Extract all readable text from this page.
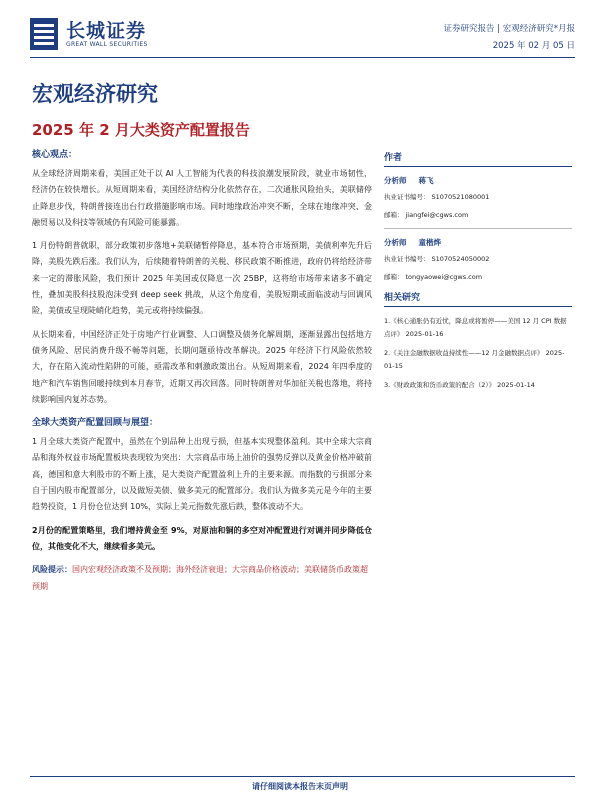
长城证券
GREAT WALL SECURITIES
证券研究报告 | 宏观经济研究*月报
2025 年 02 月 05 日
宏观经济研究
2025 年 2 月大类资产配置报告
核心观点：

从全球经济周期来看，美国正处于以 AI 人工智能为代表的科技浪潮发展阶段，就业市场韧性，经济仍在较快增长。从短周期来看，美国经济结构分化依然存在，二次通胀风险抬头，美联储停止降息步伐，特朗普接连出台行政措施影响市场。同时地缘政治冲突不断，全球在地缘冲突、金融贸易以及科技等领域仍有风险可能暴露。

1 月份特朗普就职，部分政策初步落地+美联储暂停降息，基本符合市场预期，美债利率先升后降，美股先跌后涨。我们认为，后续随着特朗普的关税、移民政策不断推进，政府仍将给经济带来一定的滞胀风险，我们预计 2025 年美国或仅降息一次 25BP，这将给市场带来诸多不确定性，叠加美股科技股泡沫受到 deep seek 挑战，从这个角度看，美股短期或面临波动与回调风险，美债或呈现陡峭化趋势，美元或将持续偏强。

从长期来看，中国经济正处于房地产行业调整、人口调整及债务化解周期，逐渐显露出包括地方债务风险、居民消费升级不畅等问题，长期问题亟待改革解决。2025 年经济下行风险依然较大，存在陷入流动性陷阱的可能，亟需改革和刺激政策出台。从短周期来看，2024 年四季度的地产和汽车销售回暖持续到本月春节，近期又再次回落。同时特朗普对华加征关税也落地，将持续影响国内复苏态势。

全球大类资产配置回顾与展望：

1 月全球大类资产配置中，虽然在个别品种上出现亏损，但基本实现整体盈利。其中全球大宗商品和海外权益市场配置板块表现较为突出：大宗商品市场上油价的强势反弹以及黄金价格冲破前高，德国和意大利股市的不断上涨，是大类资产配置盈利上升的主要来源。而指数的亏损部分来自于国内股市配置部分，以及做短美债、做多美元的配置部分。我们认为做多美元是今年的主要趋势投资，1 月份仓位达到 10%，实际上美元指数先涨后跌，整体波动不大。

2月份的配置策略里，我们增持黄金至 9%，对原油和铜的多空对冲配置进行对调并同步降低仓位，其他变化不大，继续看多美元。

风险提示：国内宏观经济政策不及预期；海外经济衰退；大宗商品价格波动；美联储货币政策超预期

作者
分析师 蒋飞
执业证书编号： S1070521080001
邮箱： jiangfei@cgws.com
分析师 童楷烨
执业证书编号： S1070524050002
邮箱： tongyaowei@cgws.com
相关研究
1.《核心通胀仍有近忧，降息或将暂停——美国 12 月 CPI 数据点评》 2025-01-16
2.《关注金融数据收益持续性——12 月金融数据点评》 2025-01-15
3.《财政政策和货币政策的配合（2）》 2025-01-14
请仔细阅读本报告末页声明
